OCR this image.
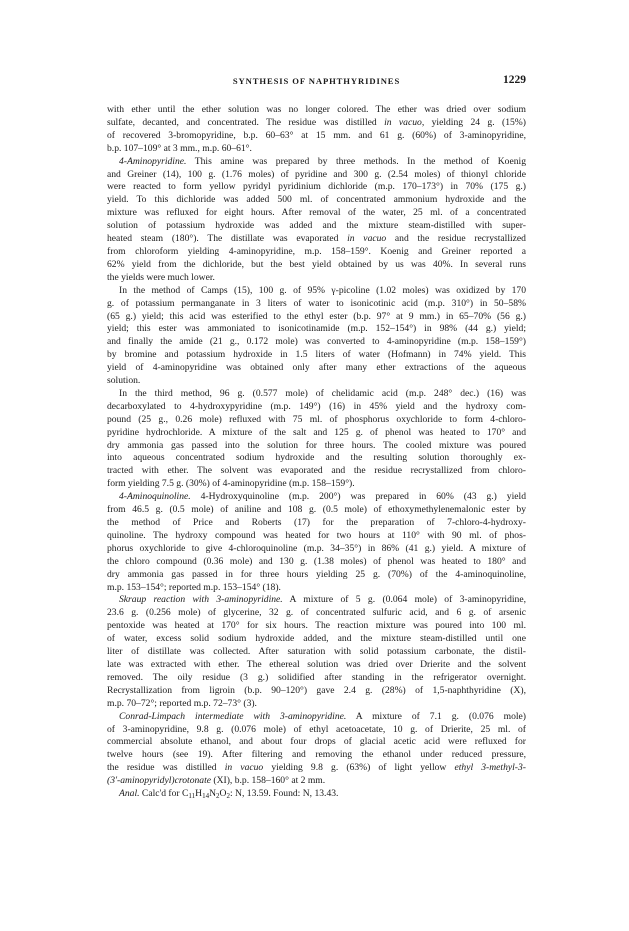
SYNTHESIS OF NAPHTHYRIDINES	1229
with ether until the ether solution was no longer colored. The ether was dried over sodium
sulfate, decanted, and concentrated. The residue was distilled in vacuo, yielding 24 g. (15%)
of recovered 3-bromopyridine, b.p. 60–63° at 15 mm. and 61 g. (60%) of 3-aminopyridine,
b.p. 107–109° at 3 mm., m.p. 60–61°.
4-Aminopyridine. This amine was prepared by three methods. In the method of Koenig
and Greiner (14), 100 g. (1.76 moles) of pyridine and 300 g. (2.54 moles) of thionyl chloride
were reacted to form yellow pyridyl pyridinium dichloride (m.p. 170–173°) in 70% (175 g.)
yield. To this dichloride was added 500 ml. of concentrated ammonium hydroxide and the
mixture was refluxed for eight hours. After removal of the water, 25 ml. of a concentrated
solution of potassium hydroxide was added and the mixture steam-distilled with super-
heated steam (180°). The distillate was evaporated in vacuo and the residue recrystallized
from chloroform yielding 4-aminopyridine, m.p. 158–159°. Koenig and Greiner reported a
62% yield from the dichloride, but the best yield obtained by us was 40%. In several runs
the yields were much lower.
In the method of Camps (15), 100 g. of 95% γ-picoline (1.02 moles) was oxidized by 170
g. of potassium permanganate in 3 liters of water to isonicotinic acid (m.p. 310°) in 50–58%
(65 g.) yield; this acid was esterified to the ethyl ester (b.p. 97° at 9 mm.) in 65–70% (56 g.)
yield; this ester was ammoniated to isonicotinamide (m.p. 152–154°) in 98% (44 g.) yield;
and finally the amide (21 g., 0.172 mole) was converted to 4-aminopyridine (m.p. 158–159°)
by bromine and potassium hydroxide in 1.5 liters of water (Hofmann) in 74% yield. This
yield of 4-aminopyridine was obtained only after many ether extractions of the aqueous
solution.
In the third method, 96 g. (0.577 mole) of chelidamic acid (m.p. 248° dec.) (16) was
decarboxylated to 4-hydroxypyridine (m.p. 149°) (16) in 45% yield and the hydroxy com-
pound (25 g., 0.26 mole) refluxed with 75 ml. of phosphorus oxychloride to form 4-chloro-
pyridine hydrochloride. A mixture of the salt and 125 g. of phenol was heated to 170° and
dry ammonia gas passed into the solution for three hours. The cooled mixture was poured
into aqueous concentrated sodium hydroxide and the resulting solution thoroughly ex-
tracted with ether. The solvent was evaporated and the residue recrystallized from chloro-
form yielding 7.5 g. (30%) of 4-aminopyridine (m.p. 158–159°).
4-Aminoquinoline. 4-Hydroxyquinoline (m.p. 200°) was prepared in 60% (43 g.) yield
from 46.5 g. (0.5 mole) of aniline and 108 g. (0.5 mole) of ethoxymethylenemalonic ester by
the method of Price and Roberts (17) for the preparation of 7-chloro-4-hydroxy-
quinoline. The hydroxy compound was heated for two hours at 110° with 90 ml. of phos-
phorus oxychloride to give 4-chloroquinoline (m.p. 34–35°) in 86% (41 g.) yield. A mixture of
the chloro compound (0.36 mole) and 130 g. (1.38 moles) of phenol was heated to 180° and
dry ammonia gas passed in for three hours yielding 25 g. (70%) of the 4-aminoquinoline,
m.p. 153–154°; reported m.p. 153–154° (18).
Skraup reaction with 3-aminopyridine. A mixture of 5 g. (0.064 mole) of 3-aminopyridine,
23.6 g. (0.256 mole) of glycerine, 32 g. of concentrated sulfuric acid, and 6 g. of arsenic
pentoxide was heated at 170° for six hours. The reaction mixture was poured into 100 ml.
of water, excess solid sodium hydroxide added, and the mixture steam-distilled until one
liter of distillate was collected. After saturation with solid potassium carbonate, the distil-
late was extracted with ether. The ethereal solution was dried over Drierite and the solvent
removed. The oily residue (3 g.) solidified after standing in the refrigerator overnight.
Recrystallization from ligroin (b.p. 90–120°) gave 2.4 g. (28%) of 1,5-naphthyridine (X),
m.p. 70–72°; reported m.p. 72–73° (3).
Conrad-Limpach intermediate with 3-aminopyridine. A mixture of 7.1 g. (0.076 mole)
of 3-aminopyridine, 9.8 g. (0.076 mole) of ethyl acetoacetate, 10 g. of Drierite, 25 ml. of
commercial absolute ethanol, and about four drops of glacial acetic acid were refluxed for
twelve hours (see 19). After filtering and removing the ethanol under reduced pressure,
the residue was distilled in vacuo yielding 9.8 g. (63%) of light yellow ethyl 3-methyl-3-
(3'-aminopyridyl)crotonate (XI), b.p. 158–160° at 2 mm.
Anal. Calc'd for $C_{11}H_{14}N_2O_2$: N, 13.59. Found: N, 13.43.
